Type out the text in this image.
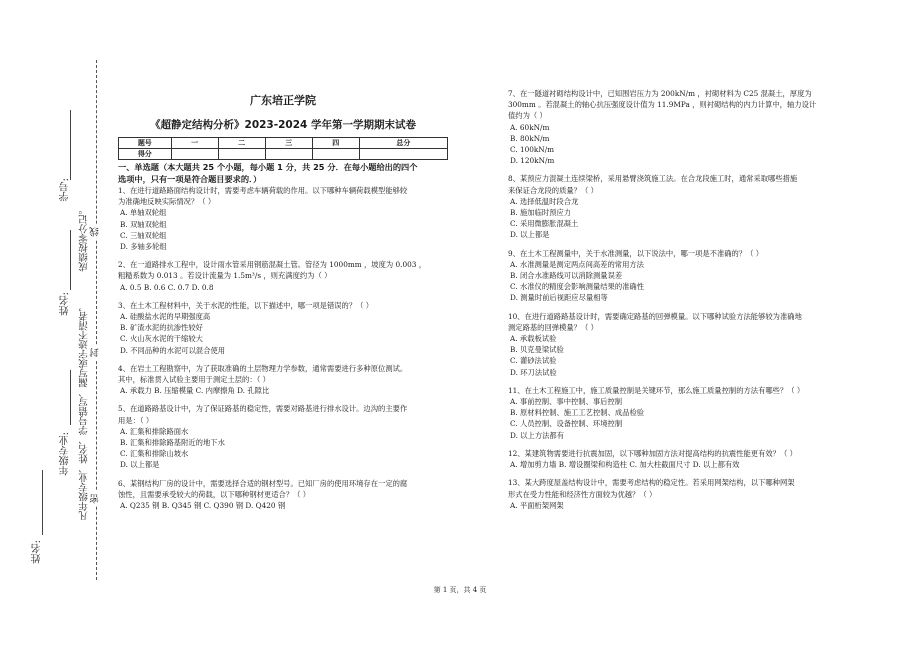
封
线
密
成绩按零分记。
凡年级专业、姓名、学号错写、漏写或字迹不清者，
学号:
姓名:
年级专业:
姓名:
广东培正学院
《超静定结构分析》2023-2024 学年第一学期期末试卷
题号	一	二	三	四	总分
得分					
一、单选题（本大题共 25 个小题，每小题 1 分，共 25 分．在每小题给出的四个
选项中，只有一项是符合题目要求的．）
1、在进行道路路面结构设计时，需要考虑车辆荷载的作用。以下哪种车辆荷载模型能够较
为准确地反映实际情况？（ ）
A. 单轴双轮组
B. 双轴双轮组
C. 三轴双轮组
D. 多轴多轮组
2、在一道路排水工程中，设计雨水管采用钢筋混凝土管。管径为 1000mm ，坡度为 0.003 ，
粗糙系数为 0.013 。若设计流量为 1.5m³/s ，则充满度约为（ ）
A. 0.5 B. 0.6 C. 0.7 D. 0.8
3、在土木工程材料中，关于水泥的性能，以下描述中，哪一项是错误的？（ ）
A. 硅酸盐水泥的早期强度高
B. 矿渣水泥的抗渗性较好
C. 火山灰水泥的干缩较大
D. 不同品种的水泥可以混合使用
4、在岩土工程勘察中，为了获取准确的土层物理力学参数，通常需要进行多种原位测试。
其中，标准贯入试验主要用于测定土层的：（ ）
A. 承载力 B. 压缩模量 C. 内摩擦角 D. 孔隙比
5、在道路路基设计中，为了保证路基的稳定性，需要对路基进行排水设计。边沟的主要作
用是：（ ）
A. 汇集和排除路面水
B. 汇集和排除路基附近的地下水
C. 汇集和排除山坡水
D. 以上都是
6、某钢结构厂房的设计中，需要选择合适的钢材型号。已知厂房的使用环境存在一定的腐
蚀性，且需要承受较大的荷载，以下哪种钢材更适合？（ ）
A. Q235 钢 B. Q345 钢 C. Q390 钢 D. Q420 钢
7、在一隧道衬砌结构设计中，已知围岩压力为 200kN/m ，衬砌材料为 C25 混凝土，厚度为
300mm 。若混凝土的轴心抗压强度设计值为 11.9MPa ，则衬砌结构的内力计算中，轴力设计
值约为（ ）
A. 60kN/m
B. 80kN/m
C. 100kN/m
D. 120kN/m
8、某预应力混凝土连续梁桥，采用悬臂浇筑施工法。在合龙段施工时，通常采取哪些措施
来保证合龙段的质量？（ ）
A. 选择低温时段合龙
B. 施加临时预应力
C. 采用微膨胀混凝土
D. 以上都是
9、在土木工程测量中，关于水准测量，以下说法中，哪一项是不准确的？（ ）
A. 水准测量是测定两点间高差的常用方法
B. 闭合水准路线可以消除测量误差
C. 水准仪的精度会影响测量结果的准确性
D. 测量时前后视距应尽量相等
10、在进行道路路基设计时，需要确定路基的回弹模量。以下哪种试验方法能够较为准确地
测定路基的回弹模量？（ ）
A. 承载板试验
B. 贝克曼梁试验
C. 灌砂法试验
D. 环刀法试验
11、在土木工程施工中，施工质量控制是关键环节，那么施工质量控制的方法有哪些？（ ）
A. 事前控制、事中控制、事后控制
B. 原材料控制、施工工艺控制、成品检验
C. 人员控制、设备控制、环境控制
D. 以上方法都有
12、某建筑物需要进行抗震加固，以下哪种加固方法对提高结构的抗震性能更有效？（ ）
A. 增加剪力墙 B. 增设圈梁和构造柱 C. 加大柱截面尺寸 D. 以上都有效
13、某大跨度屋盖结构设计中，需要考虑结构的稳定性。若采用网架结构，以下哪种网架
形式在受力性能和经济性方面较为优越？（ ）
A. 平面桁架网架
第 1 页，共 4 页
